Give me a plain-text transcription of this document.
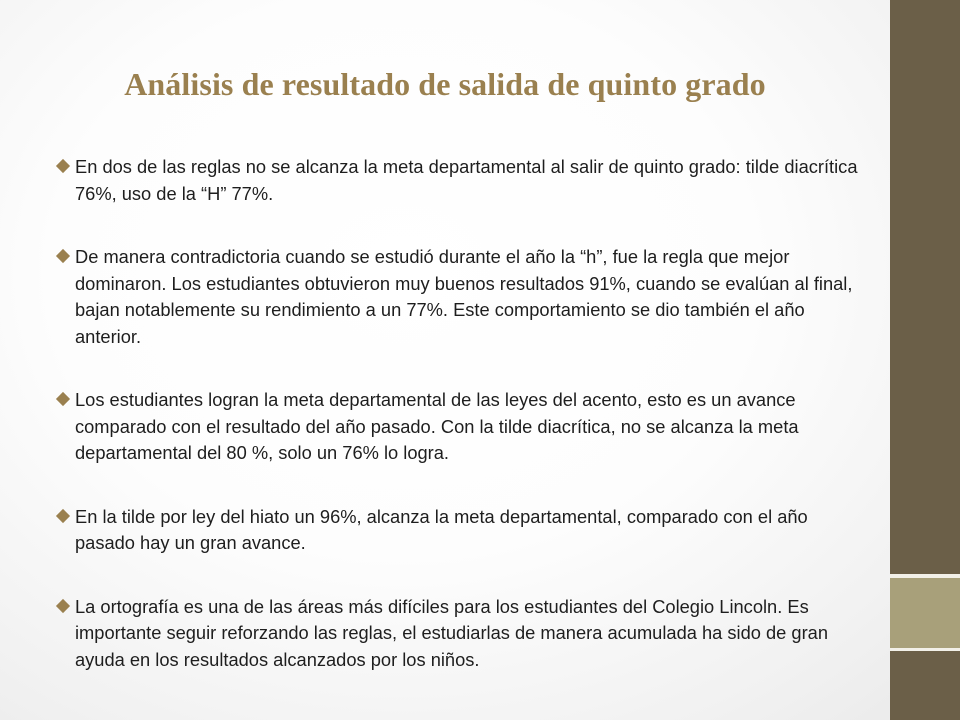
Análisis de resultado de salida de quinto grado
En dos de las reglas no se alcanza la meta departamental al salir de quinto grado: tilde diacrítica 76%, uso de la “H” 77%.
De manera contradictoria cuando se estudió durante el año la “h”, fue la regla que mejor dominaron. Los estudiantes obtuvieron muy buenos resultados 91%, cuando se evalúan al final, bajan notablemente su rendimiento a un 77%. Este comportamiento se dio también el año anterior.
Los estudiantes logran la meta departamental de las leyes del acento, esto es un avance comparado con el resultado del año pasado. Con la tilde diacrítica, no se alcanza la meta departamental del 80 %, solo un 76% lo logra.
En la tilde por ley del hiato un 96%, alcanza la meta departamental, comparado con el año pasado hay un gran avance.
La ortografía es una de las áreas más difíciles para los estudiantes del Colegio Lincoln. Es importante seguir reforzando las reglas, el estudiarlas de manera acumulada ha sido de gran ayuda en los resultados alcanzados por los niños.
